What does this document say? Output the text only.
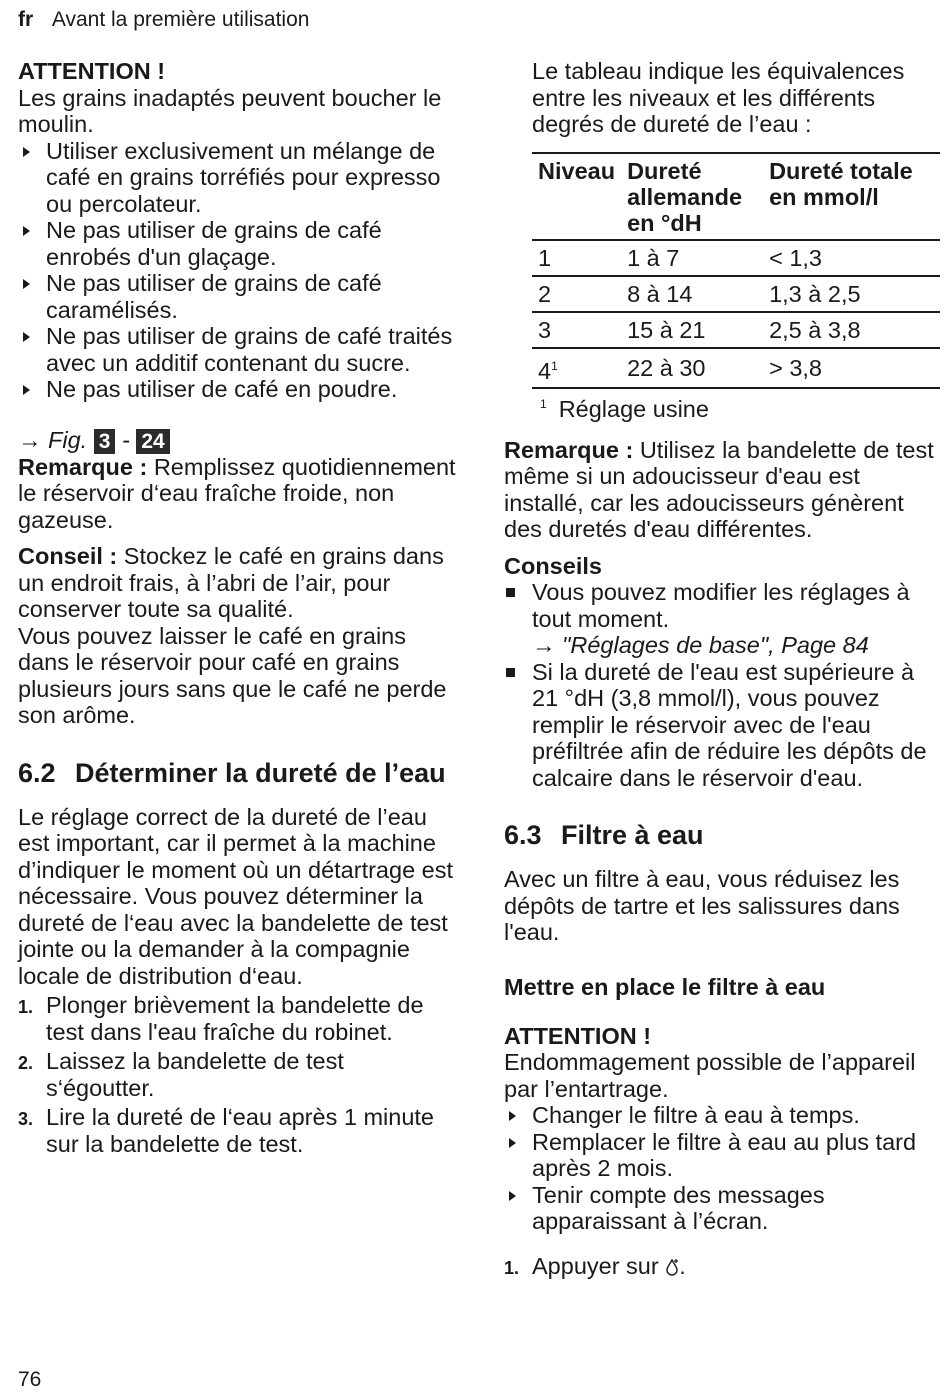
fr Avant la première utilisation

ATTENTION !

Les grains inadaptés peuvent boucher le moulin.

Utiliser exclusivement un mélange de café en grains torréfiés pour expresso ou percolateur.
Ne pas utiliser de grains de café enrobés d'un glaçage.
Ne pas utiliser de grains de café caramélisés.
Ne pas utiliser de grains de café traités avec un additif contenant du sucre.
Ne pas utiliser de café en poudre.

→ Fig. 3 - 24

Remarque : Remplissez quotidiennement le réservoir d‘eau fraîche froide, non gazeuse.

Conseil : Stockez le café en grains dans un endroit frais, à l’abri de l’air, pour conserver toute sa qualité.

Vous pouvez laisser le café en grains dans le réservoir pour café en grains plusieurs jours sans que le café ne perde son arôme.

6.2 Déterminer la dureté de l’eau

Le réglage correct de la dureté de l’eau est important, car il permet à la machine d’indiquer le moment où un détartrage est nécessaire. Vous pouvez déterminer la dureté de l‘eau avec la bandelette de test jointe ou la demander à la compagnie locale de distribution d‘eau.

1. Plonger brièvement la bandelette de test dans l'eau fraîche du robinet.
2. Laissez la bandelette de test s‘égoutter.
3. Lire la dureté de l‘eau après 1 minute sur la bandelette de test.

Le tableau indique les équivalences entre les niveaux et les différents degrés de dureté de l’eau :

Niveau	Dureté allemande en °dH	Dureté totale en mmol/l
1	1 à 7	< 1,3
2	8 à 14	1,3 à 2,5
3	15 à 21	2,5 à 3,8
$4^1$	22 à 30	> 3,8

$^1$ Réglage usine

Remarque : Utilisez la bandelette de test même si un adoucisseur d'eau est installé, car les adoucisseurs génèrent des duretés d'eau différentes.

Conseils

Vous pouvez modifier les réglages à tout moment.
→ "Réglages de base", Page 84
Si la dureté de l'eau est supérieure à 21 °dH (3,8 mmol/l), vous pouvez remplir le réservoir avec de l'eau préfiltrée afin de réduire les dépôts de calcaire dans le réservoir d'eau.
6.3 Filtre à eau

Avec un filtre à eau, vous réduisez les dépôts de tartre et les salissures dans l'eau.

Mettre en place le filtre à eau

ATTENTION !

Endommagement possible de l’appareil par l’entartrage.

Changer le filtre à eau à temps.
Remplacer le filtre à eau au plus tard après 2 mois.
Tenir compte des messages apparaissant à l’écran.
1. Appuyer sur .
76
